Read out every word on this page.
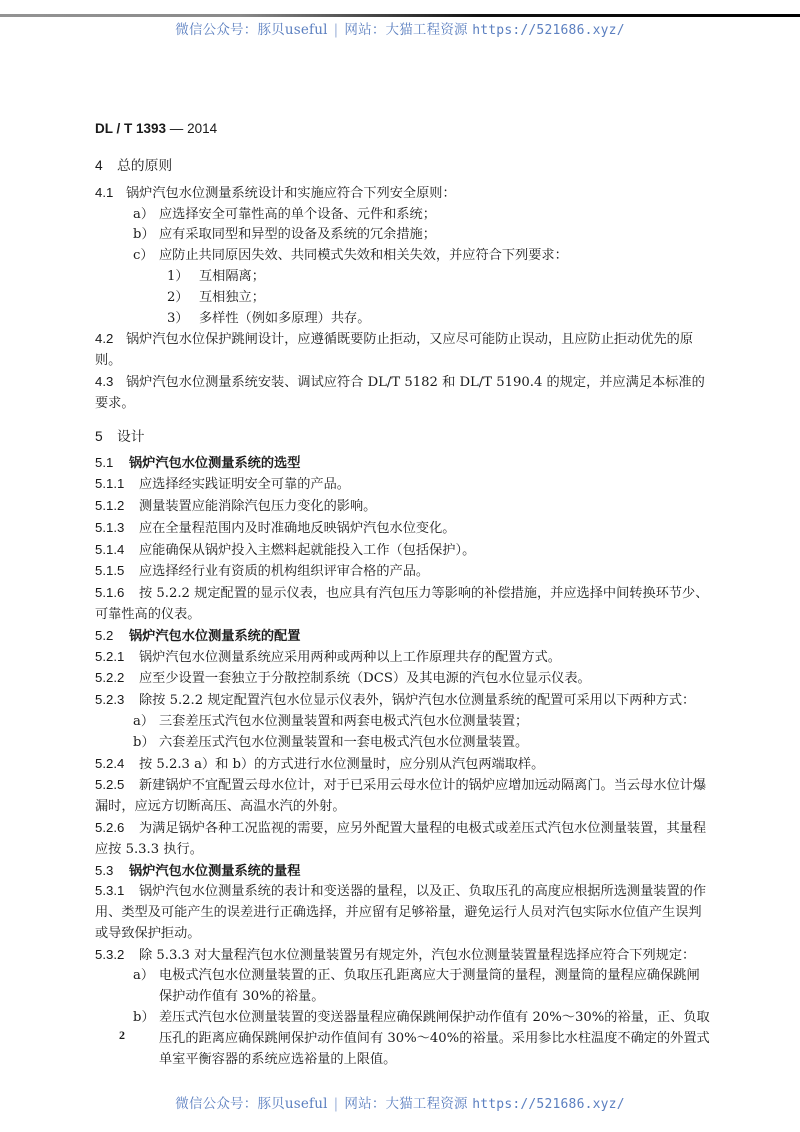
微信公众号：豚贝useful | 网站：大猫工程资源 https://521686.xyz/
DL / T 1393 — 2014
4 总的原则

4.1 锅炉汽包水位测量系统设计和实施应符合下列安全原则：

a） 应选择安全可靠性高的单个设备、元件和系统；

b） 应有采取同型和异型的设备及系统的冗余措施；

c） 应防止共同原因失效、共同模式失效和相关失效，并应符合下列要求：

1） 互相隔离；

2） 互相独立；

3） 多样性（例如多原理）共存。

4.2 锅炉汽包水位保护跳闸设计，应遵循既要防止拒动，又应尽可能防止误动，且应防止拒动优先的原则。

4.3 锅炉汽包水位测量系统安装、调试应符合 DL/T 5182 和 DL/T 5190.4 的规定，并应满足本标准的要求。

5 设计

5.1 锅炉汽包水位测量系统的选型

5.1.1 应选择经实践证明安全可靠的产品。

5.1.2 测量装置应能消除汽包压力变化的影响。

5.1.3 应在全量程范围内及时准确地反映锅炉汽包水位变化。

5.1.4 应能确保从锅炉投入主燃料起就能投入工作（包括保护）。

5.1.5 应选择经行业有资质的机构组织评审合格的产品。

5.1.6 按 5.2.2 规定配置的显示仪表，也应具有汽包压力等影响的补偿措施，并应选择中间转换环节少、可靠性高的仪表。

5.2 锅炉汽包水位测量系统的配置

5.2.1 锅炉汽包水位测量系统应采用两种或两种以上工作原理共存的配置方式。

5.2.2 应至少设置一套独立于分散控制系统（DCS）及其电源的汽包水位显示仪表。

5.2.3 除按 5.2.2 规定配置汽包水位显示仪表外，锅炉汽包水位测量系统的配置可采用以下两种方式：

a） 三套差压式汽包水位测量装置和两套电极式汽包水位测量装置；

b） 六套差压式汽包水位测量装置和一套电极式汽包水位测量装置。

5.2.4 按 5.2.3 a）和 b）的方式进行水位测量时，应分别从汽包两端取样。

5.2.5 新建锅炉不宜配置云母水位计，对于已采用云母水位计的锅炉应增加远动隔离门。当云母水位计爆漏时，应远方切断高压、高温水汽的外射。

5.2.6 为满足锅炉各种工况监视的需要，应另外配置大量程的电极式或差压式汽包水位测量装置，其量程应按 5.3.3 执行。

5.3 锅炉汽包水位测量系统的量程

5.3.1 锅炉汽包水位测量系统的表计和变送器的量程，以及正、负取压孔的高度应根据所选测量装置的作用、类型及可能产生的误差进行正确选择，并应留有足够裕量，避免运行人员对汽包实际水位值产生误判或导致保护拒动。

5.3.2 除 5.3.3 对大量程汽包水位测量装置另有规定外，汽包水位测量装置量程选择应符合下列规定：

a） 电极式汽包水位测量装置的正、负取压孔距离应大于测量筒的量程，测量筒的量程应确保跳闸保护动作值有 30%的裕量。

b） 差压式汽包水位测量装置的变送器量程应确保跳闸保护动作值有 20%～30%的裕量，正、负取压孔的距离应确保跳闸保护动作值间有 30%～40%的裕量。采用参比水柱温度不确定的外置式单室平衡容器的系统应选裕量的上限值。

2
微信公众号：豚贝useful | 网站：大猫工程资源 https://521686.xyz/
